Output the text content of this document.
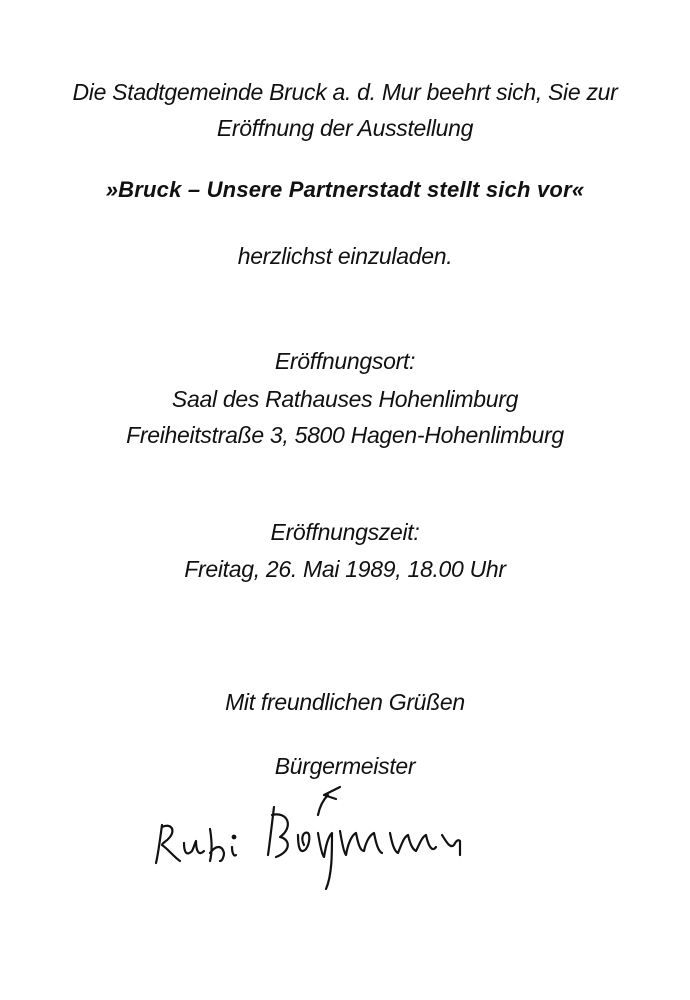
Die Stadtgemeinde Bruck a. d. Mur beehrt sich, Sie zur
Eröffnung der Ausstellung
»Bruck – Unsere Partnerstadt stellt sich vor«
herzlichst einzuladen.
Eröffnungsort:
Saal des Rathauses Hohenlimburg
Freiheitstraße 3, 5800 Hagen-Hohenlimburg
Eröffnungszeit:
Freitag, 26. Mai 1989, 18.00 Uhr
Mit freundlichen Grüßen
Bürgermeister
